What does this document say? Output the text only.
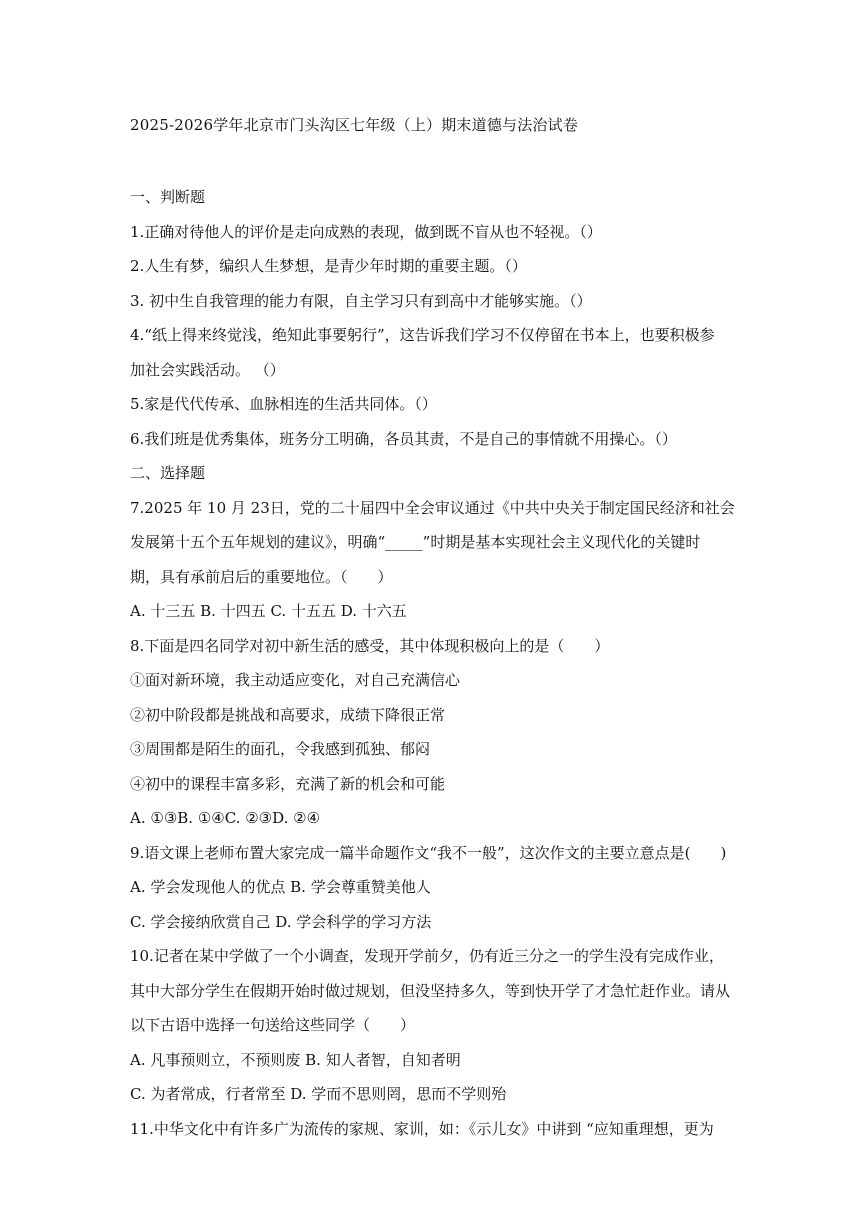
2025-2026学年北京市门头沟区七年级（上）期末道德与法治试卷
一、判断题
1.正确对待他人的评价是走向成熟的表现，做到既不盲从也不轻视。（）
2.人生有梦，编织人生梦想，是青少年时期的重要主题。（）
3. 初中生自我管理的能力有限，自主学习只有到高中才能够实施。（）
4.“纸上得来终觉浅，绝知此事要躬行”，这告诉我们学习不仅停留在书本上，也要积极参
加社会实践活动。 （）
5.家是代代传承、血脉相连的生活共同体。（）
6.我们班是优秀集体，班务分工明确，各员其责，不是自己的事情就不用操心。（）
二、选择题
7.2025 年 10 月 23日，党的二十届四中全会审议通过《中共中央关于制定国民经济和社会
发展第十五个五年规划的建议》，明确“_____”时期是基本实现社会主义现代化的关键时
期，具有承前启后的重要地位。（　　）
A. 十三五 B. 十四五 C. 十五五 D. 十六五
8.下面是四名同学对初中新生活的感受，其中体现积极向上的是（　　）
①面对新环境，我主动适应变化，对自己充满信心
②初中阶段都是挑战和高要求，成绩下降很正常
③周围都是陌生的面孔，令我感到孤独、郁闷
④初中的课程丰富多彩，充满了新的机会和可能
A. ①③B. ①④C. ②③D. ②④
9.语文课上老师布置大家完成一篇半命题作文“我不一般”，这次作文的主要立意点是(　　)
A. 学会发现他人的优点 B. 学会尊重赞美他人
C. 学会接纳欣赏自己 D. 学会科学的学习方法
10.记者在某中学做了一个小调查，发现开学前夕，仍有近三分之一的学生没有完成作业，
其中大部分学生在假期开始时做过规划，但没坚持多久，等到快开学了才急忙赶作业。请从
以下古语中选择一句送给这些同学（　　）
A. 凡事预则立，不预则废 B. 知人者智，自知者明
C. 为者常成，行者常至 D. 学而不思则罔，思而不学则殆
11.中华文化中有许多广为流传的家规、家训，如：《示儿女》中讲到 “应知重理想，更为
